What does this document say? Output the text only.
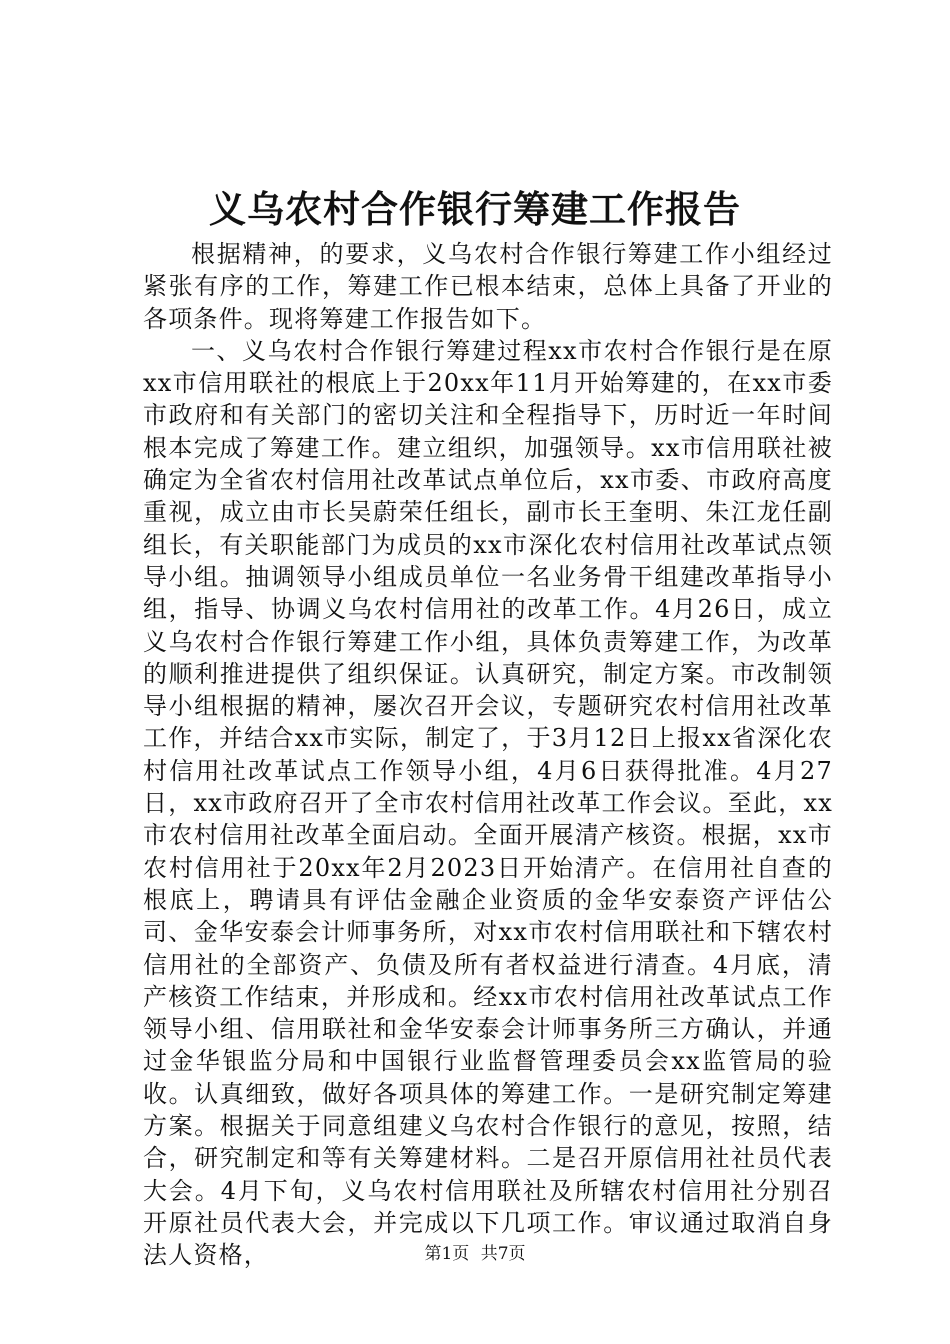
义乌农村合作银行筹建工作报告

根据精神，的要求，义乌农村合作银行筹建工作小组经过紧张有序的工作，筹建工作已根本结束，总体上具备了开业的各项条件。现将筹建工作报告如下。

一、义乌农村合作银行筹建过程xx市农村合作银行是在原xx市信用联社的根底上于20xx年11月开始筹建的，在xx市委市政府和有关部门的密切关注和全程指导下，历时近一年时间根本完成了筹建工作。建立组织，加强领导。xx市信用联社被确定为全省农村信用社改革试点单位后，xx市委、市政府高度重视，成立由市长吴蔚荣任组长，副市长王奎明、朱江龙任副组长，有关职能部门为成员的xx市深化农村信用社改革试点领导小组。抽调领导小组成员单位一名业务骨干组建改革指导小组，指导、协调义乌农村信用社的改革工作。4月26日，成立义乌农村合作银行筹建工作小组，具体负责筹建工作，为改革的顺利推进提供了组织保证。认真研究，制定方案。市改制领导小组根据的精神，屡次召开会议，专题研究农村信用社改革工作，并结合xx市实际，制定了，于3月12日上报xx省深化农村信用社改革试点工作领导小组，4月6日获得批准。4月27日，xx市政府召开了全市农村信用社改革工作会议。至此，xx市农村信用社改革全面启动。全面开展清产核资。根据，xx市农村信用社于20xx年2月2023日开始清产。在信用社自查的根底上，聘请具有评估金融企业资质的金华安泰资产评估公司、金华安泰会计师事务所，对xx市农村信用联社和下辖农村信用社的全部资产、负债及所有者权益进行清查。4月底，清产核资工作结束，并形成和。经xx市农村信用社改革试点工作领导小组、信用联社和金华安泰会计师事务所三方确认，并通过金华银监分局和中国银行业监督管理委员会xx监管局的验收。认真细致，做好各项具体的筹建工作。一是研究制定筹建方案。根据关于同意组建义乌农村合作银行的意见，按照，结合，研究制定和等有关筹建材料。二是召开原信用社社员代表大会。4月下旬，义乌农村信用联社及所辖农村信用社分别召开原社员代表大会，并完成以下几项工作。审议通过取消自身法人资格，	第1页 共7页
